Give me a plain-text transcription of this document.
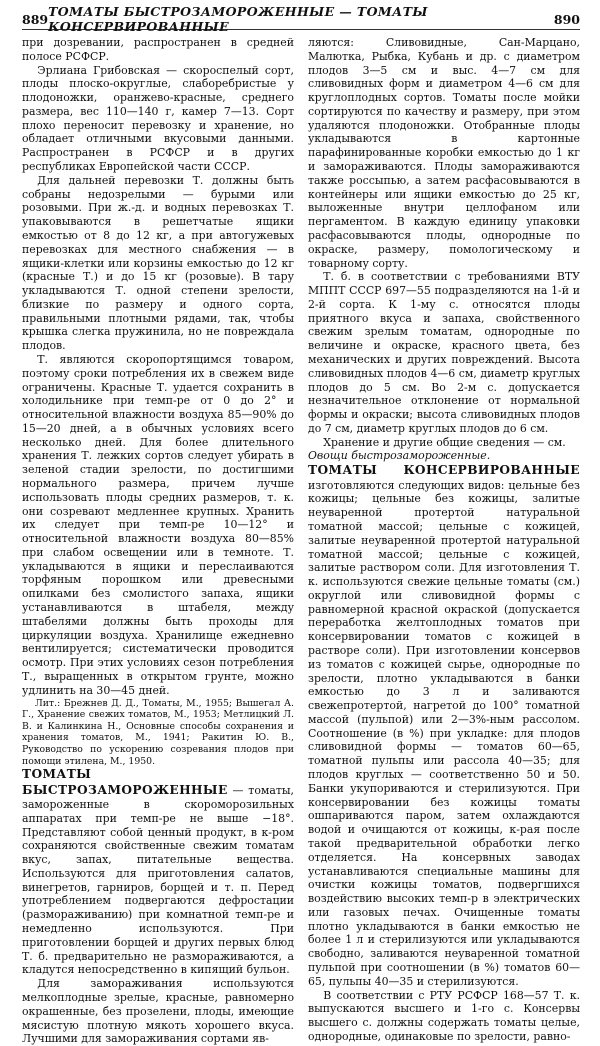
889 ТОМАТЫ БЫСТРОЗАМОРОЖЕННЫЕ — ТОМАТЫ КОНСЕРВИРОВАННЫЕ	890

при дозревании, распространен в средней полосе РСФСР.

Эрлиана Грибовская — скороспелый сорт, плоды плоско-округлые, слаборебристые у плодоножки, оранжево-красные, среднего размера, вес 110—140 г, камер 7—13. Сорт плохо переносит перевозку и хранение, но обладает отличными вкусовыми данными. Распространен в РСФСР и в других республиках Европейской части СССР.

Для дальней перевозки Т. должны быть собраны недозрелыми — бурыми или розовыми. При ж.-д. и водных перевозках Т. упаковываются в решетчатые ящики емкостью от 8 до 12 кг, а при автогужевых перевозках для местного снабжения — в ящики-клетки или корзины емкостью до 12 кг (красные Т.) и до 15 кг (розовые). В тару укладываются Т. одной степени зрелости, близкие по размеру и одного сорта, правильными плотными рядами, так, чтобы крышка слегка пружинила, но не повреждала плодов.

Т. являются скоропортящимся товаром, поэтому сроки потребления их в свежем виде ограничены. Красные Т. удается сохранить в холодильнике при темп-ре от 0 до 2° и относительной влажности воздуха 85—90% до 15—20 дней, а в обычных условиях всего несколько дней. Для более длительного хранения Т. лежких сортов следует убирать в зеленой стадии зрелости, по достигшими нормального размера, причем лучше использовать плоды средних размеров, т. к. они созревают медленнее крупных. Хранить их следует при темп-ре 10—12° и относительной влажности воздуха 80—85% при слабом освещении или в темноте. Т. укладываются в ящики и переслаиваются торфяным порошком или древесными опилками без смолистого запаха, ящики устанавливаются в штабеля, между штабелями должны быть проходы для циркуляции воздуха. Хранилище ежедневно вентилируется; систематически проводится осмотр. При этих условиях сезон потребления Т., выращенных в открытом грунте, можно удлинить на 30—45 дней.

Лит.: Брежнев Д. Д., Томаты, М., 1955; Вышегал А. Г., Хранение свежих томатов, М., 1953; Метлицкий Л. В. и Калинкина Н., Основные способы сохранения и хранения томатов, М., 1941; Ракитин Ю. В., Руководство по ускорению созревания плодов при помощи этилена, М., 1950.

ТОМАТЫ БЫСТРОЗАМОРОЖЕННЫЕ — томаты, замороженные в скороморозильных аппаратах при темп-ре не выше −18°. Представляют собой ценный продукт, в к-ром сохраняются свойственные свежим томатам вкус, запах, питательные вещества. Используются для приготовления салатов, винегретов, гарниров, борщей и т. п. Перед употреблением подвергаются дефростации (размораживанию) при комнатной темп-ре и немедленно используются. При приготовлении борщей и других первых блюд Т. б. предварительно не размораживаются, а кладутся непосредственно в кипящий бульон.

Для замораживания используются мелкоплодные зрелые, красные, равномерно окрашенные, без прозелени, плоды, имеющие мясистую плотную мякоть хорошего вкуса. Лучшими для замораживания сортами яв-

ляются: Сливовидные, Сан-Марцано, Малютка, Рыбка, Кубань и др. с диаметром плодов 3—5 см и выс. 4—7 см для сливовидных форм и диаметром 4—6 см для круглоплодных сортов. Томаты после мойки сортируются по качеству и размеру, при этом удаляются плодоножки. Отобранные плоды укладываются в картонные парафинированные коробки емкостью до 1 кг и замораживаются. Плоды замораживаются также россыпью, а затем расфасовываются в контейнеры или ящики емкостью до 25 кг, выложенные внутри целлофаном или пергаментом. В каждую единицу упаковки расфасовываются плоды, однородные по окраске, размеру, помологическому и товарному сорту.

Т. б. в соответствии с требованиями ВТУ МППТ СССР 697—55 подразделяются на 1-й и 2-й сорта. К 1-му с. относятся плоды приятного вкуса и запаха, свойственного свежим зрелым томатам, однородные по величине и окраске, красного цвета, без механических и других повреждений. Высота сливовидных плодов 4—6 см, диаметр круглых плодов до 5 см. Во 2-м с. допускается незначительное отклонение от нормальной формы и окраски; высота сливовидных плодов до 7 см, диаметр круглых плодов до 6 см.

Хранение и другие общие сведения — см.
Овощи быстрозамороженные.

ТОМАТЫ КОНСЕРВИРОВАННЫЕ изготовляются следующих видов: цельные без кожицы; цельные без кожицы, залитые неуваренной протертой натуральной томатной массой; цельные с кожицей, залитые неуваренной протертой натуральной томатной массой; цельные с кожицей, залитые раствором соли. Для изготовления Т. к. используются свежие цельные томаты (см.) округлой или сливовидной формы с равномерной красной окраской (допускается переработка желтоплодных томатов при консервировании томатов с кожицей в растворе соли). При изготовлении консервов из томатов с кожицей сырье, однородные по зрелости, плотно укладываются в банки емкостью до 3 л и заливаются свежепротертой, нагретой до 100° томатной массой (пульпой) или 2—3%-ным рассолом. Соотношение (в %) при укладке: для плодов сливовидной формы — томатов 60—65, томатной пульпы или рассола 40—35; для плодов круглых — соответственно 50 и 50. Банки укупориваются и стерилизуются. При консервировании без кожицы томаты ошпариваются паром, затем охлаждаются водой и очищаются от кожицы, к-рая после такой предварительной обработки легко отделяется. На консервных заводах устанавливаются специальные машины для очистки кожицы томатов, подвергшихся воздействию высоких темп-р в электрических или газовых печах. Очищенные томаты плотно укладываются в банки емкостью не более 1 л и стерилизуются или укладываются свободно, заливаются неуваренной томатной пульпой при соотношении (в %) томатов 60—65, пульпы 40—35 и стерилизуются.

В соответствии с РТУ РСФСР 168—57 Т. к. выпускаются высшего и 1-го с. Консервы высшего с. должны содержать томаты целые, однородные, одинаковые по зрелости, равно-
